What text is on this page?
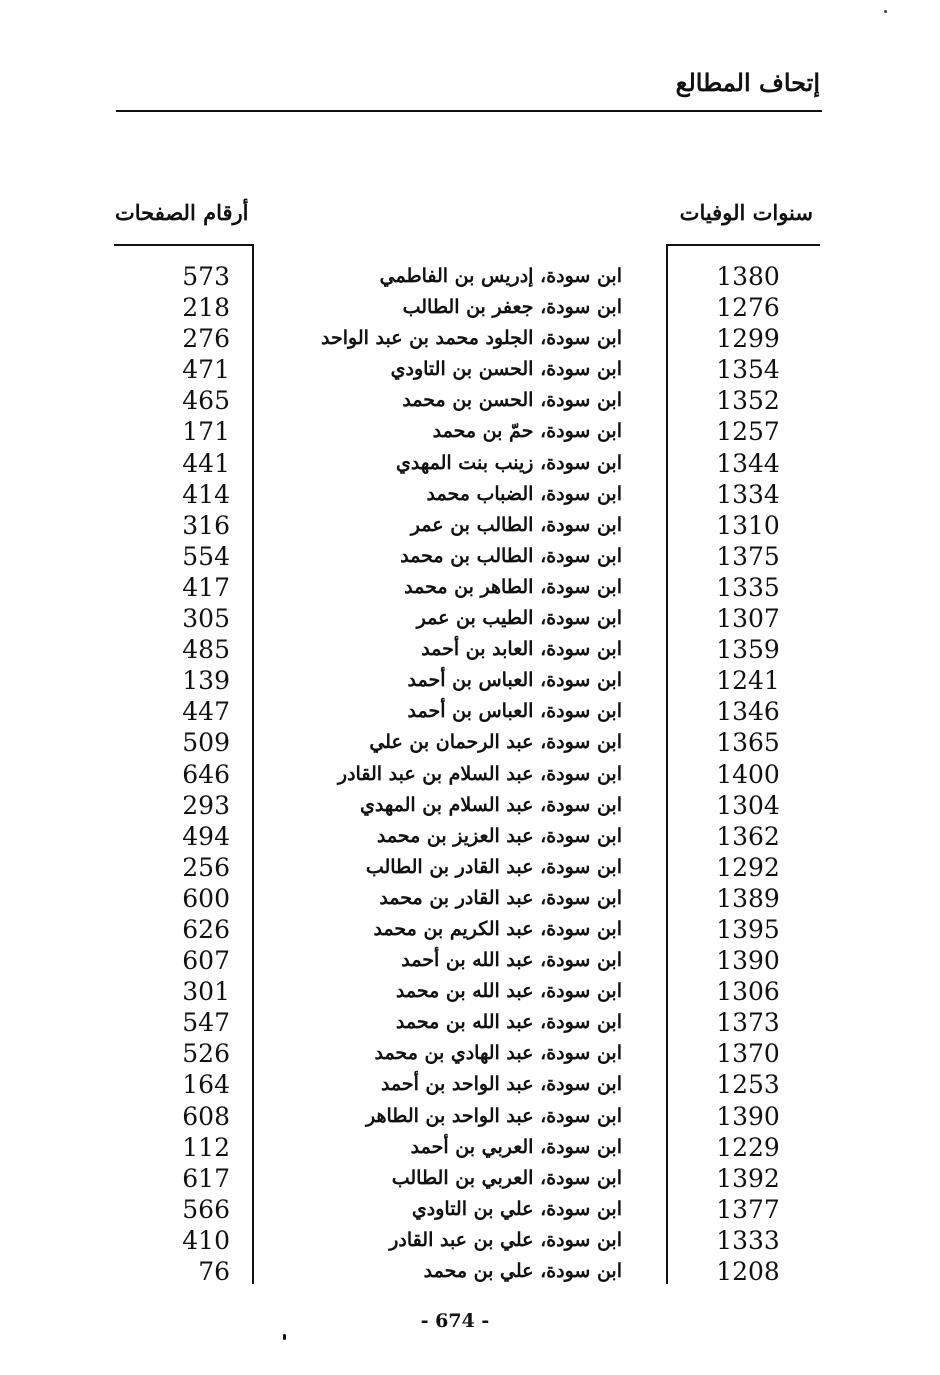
إتحاف المطالع
سنوات الوفيات
أرقام الصفحات
1380
ابن سودة، إدريس بن الفاطمي
573
1276
ابن سودة، جعفر بن الطالب
218
1299
ابن سودة، الجلود محمد بن عبد الواحد
276
1354
ابن سودة، الحسن بن التاودي
471
1352
ابن سودة، الحسن بن محمد
465
1257
ابن سودة، حمّ بن محمد
171
1344
ابن سودة، زينب بنت المهدي
441
1334
ابن سودة، الضباب محمد
414
1310
ابن سودة، الطالب بن عمر
316
1375
ابن سودة، الطالب بن محمد
554
1335
ابن سودة، الطاهر بن محمد
417
1307
ابن سودة، الطيب بن عمر
305
1359
ابن سودة، العابد بن أحمد
485
1241
ابن سودة، العباس بن أحمد
139
1346
ابن سودة، العباس بن أحمد
447
1365
ابن سودة، عبد الرحمان بن علي
509
1400
ابن سودة، عبد السلام بن عبد القادر
646
1304
ابن سودة، عبد السلام بن المهدي
293
1362
ابن سودة، عبد العزيز بن محمد
494
1292
ابن سودة، عبد القادر بن الطالب
256
1389
ابن سودة، عبد القادر بن محمد
600
1395
ابن سودة، عبد الكريم بن محمد
626
1390
ابن سودة، عبد الله بن أحمد
607
1306
ابن سودة، عبد الله بن محمد
301
1373
ابن سودة، عبد الله بن محمد
547
1370
ابن سودة، عبد الهادي بن محمد
526
1253
ابن سودة، عبد الواحد بن أحمد
164
1390
ابن سودة، عبد الواحد بن الطاهر
608
1229
ابن سودة، العربي بن أحمد
112
1392
ابن سودة، العربي بن الطالب
617
1377
ابن سودة، علي بن التاودي
566
1333
ابن سودة، علي بن عبد القادر
410
1208
ابن سودة، علي بن محمد
76
- 674 -
